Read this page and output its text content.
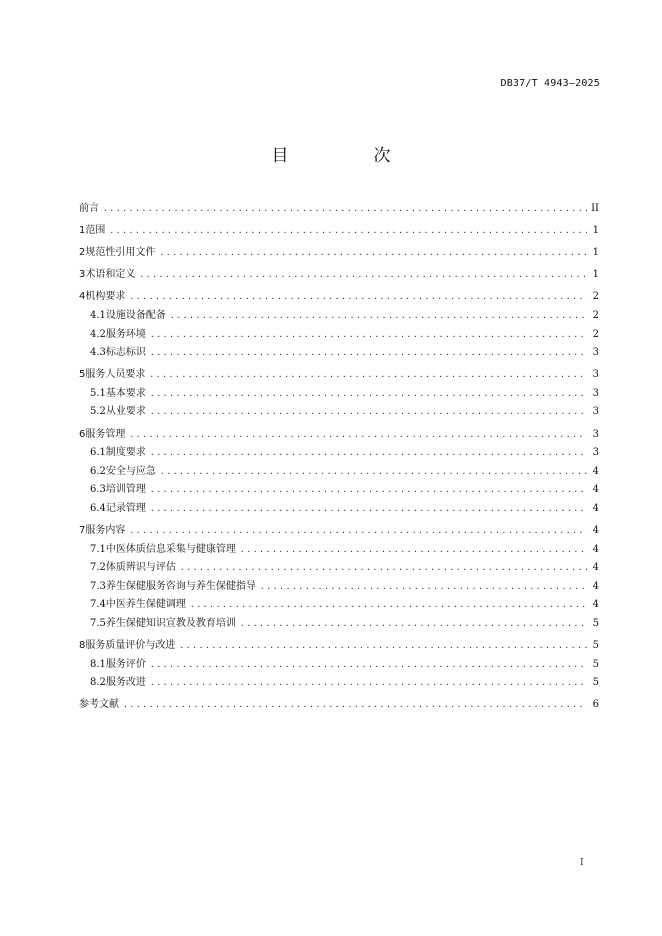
DB37/T 4943—2025
目　次
前言 .....	II
1 范围 .....	1
2 规范性引用文件 .....	1
3 术语和定义 .....	1
4 机构要求 .....	2
4.1 设施设备配备 .....	2
4.2 服务环境 .....	2
4.3 标志标识 .....	3
5 服务人员要求 .....	3
5.1 基本要求 .....	3
5.2 从业要求 .....	3
6 服务管理 .....	3
6.1 制度要求 .....	3
6.2 安全与应急 .....	4
6.3 培训管理 .....	4
6.4 记录管理 .....	4
7 服务内容 .....	4
7.1 中医体质信息采集与健康管理 .....	4
7.2 体质辨识与评估 .....	4
7.3 养生保健服务咨询与养生保健指导 .....	4
7.4 中医养生保健调理 .....	4
7.5 养生保健知识宣教及教育培训 .....	5
8 服务质量评价与改进 .....	5
8.1 服务评价 .....	5
8.2 服务改进 .....	5
参考文献 .....	6
I
